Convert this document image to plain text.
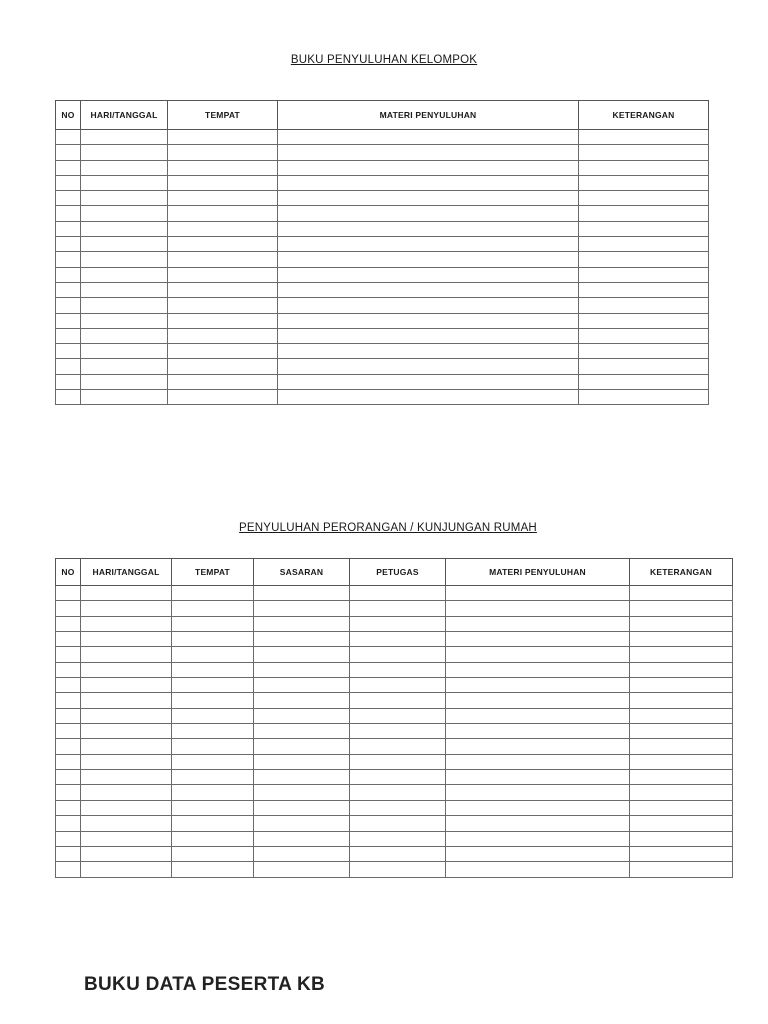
BUKU PENYULUHAN KELOMPOK
NO	HARI/TANGGAL	TEMPAT	MATERI PENYULUHAN	KETERANGAN

PENYULUHAN PERORANGAN / KUNJUNGAN RUMAH
NO	HARI/TANGGAL	TEMPAT	SASARAN	PETUGAS	MATERI PENYULUHAN	KETERANGAN

BUKU DATA PESERTA KB
